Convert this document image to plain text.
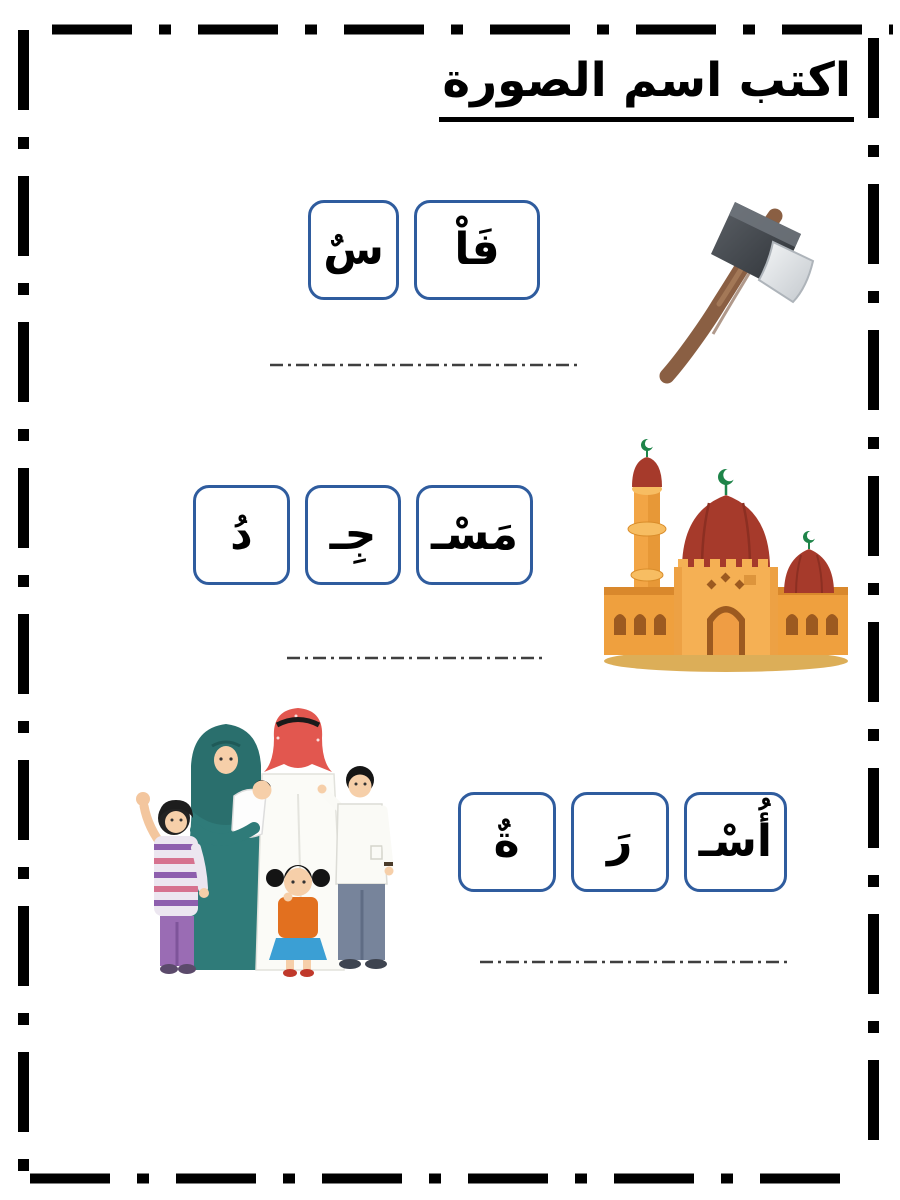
اكتب اسم الصورة
فَاْ
سٌ
مَسْـ
جِـ
دُ
أُسْـ
رَ
ةٌ
